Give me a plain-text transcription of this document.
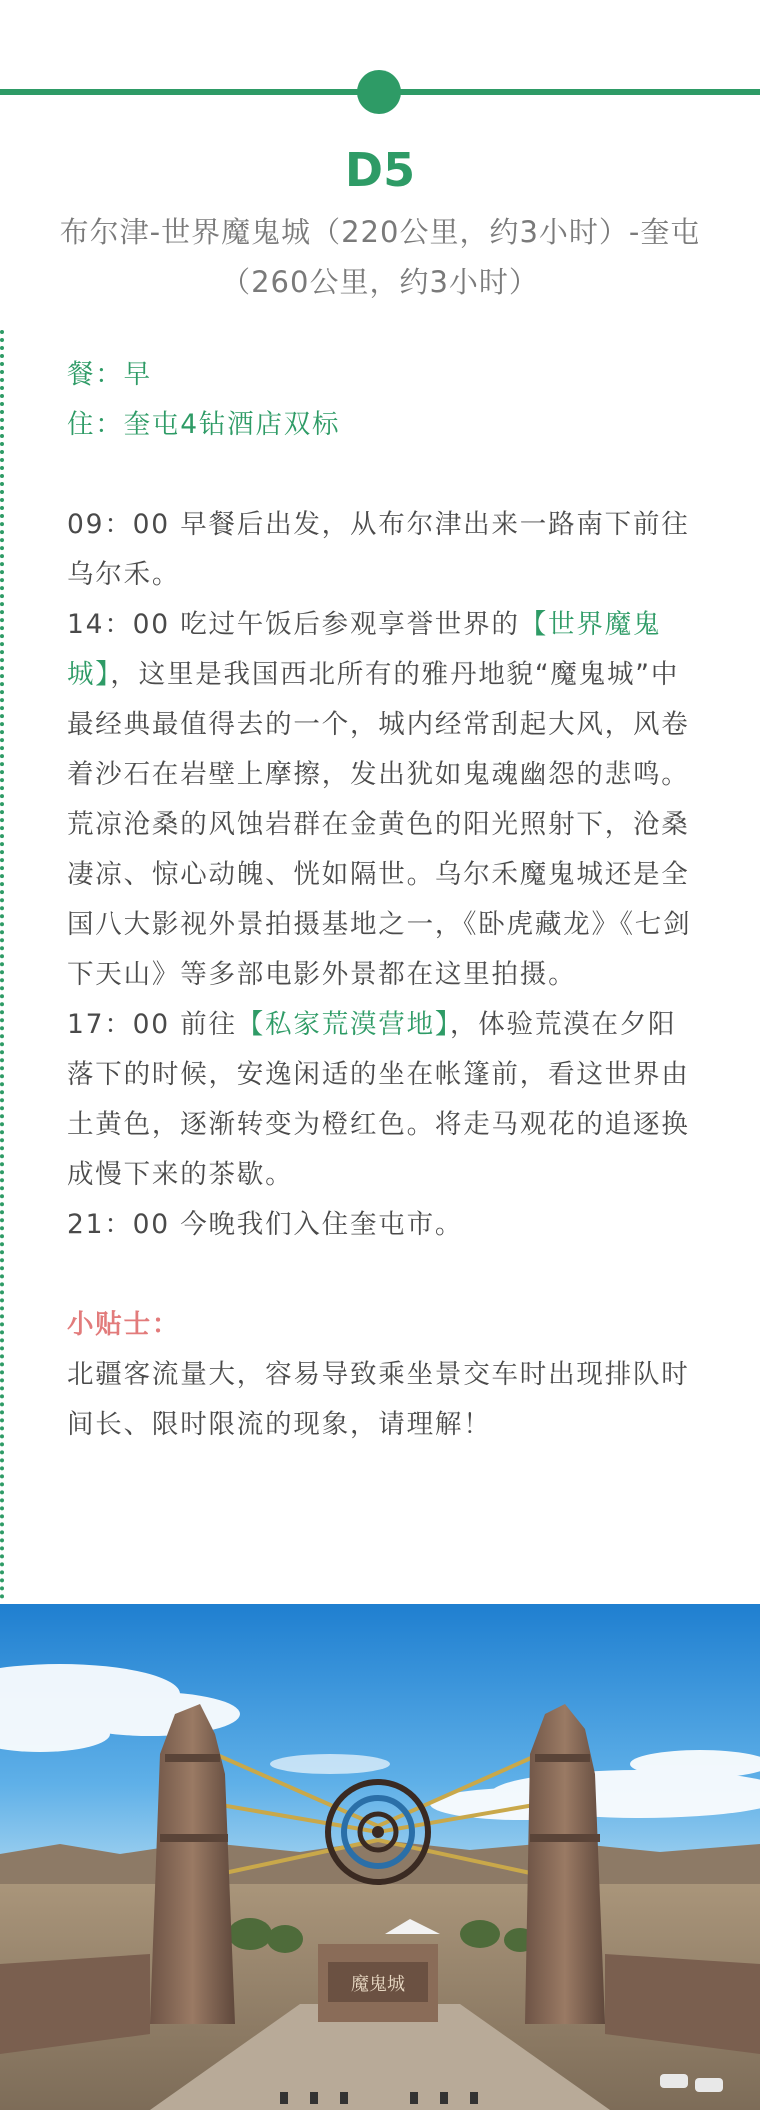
D5
布尔津-世界魔鬼城（220公里，约3小时）-奎屯（260公里，约3小时）
餐：早
住：奎屯4钻酒店双标
09：00 早餐后出发，从布尔津出来一路南下前往乌尔禾。
14：00 吃过午饭后参观享誉世界的【世界魔鬼城】，这里是我国西北所有的雅丹地貌“魔鬼城”中最经典最值得去的一个，城内经常刮起大风，风卷着沙石在岩壁上摩擦，发出犹如鬼魂幽怨的悲鸣。荒凉沧桑的风蚀岩群在金黄色的阳光照射下，沧桑凄凉、惊心动魄、恍如隔世。乌尔禾魔鬼城还是全国八大影视外景拍摄基地之一，《卧虎藏龙》《七剑下天山》等多部电影外景都在这里拍摄。
17：00 前往【私家荒漠营地】，体验荒漠在夕阳落下的时候，安逸闲适的坐在帐篷前，看这世界由土黄色，逐渐转变为橙红色。将走马观花的追逐换成慢下来的茶歇。
21：00 今晚我们入住奎屯市。
小贴士：
北疆客流量大，容易导致乘坐景交车时出现排队时间长、限时限流的现象，请理解！
魔鬼城
